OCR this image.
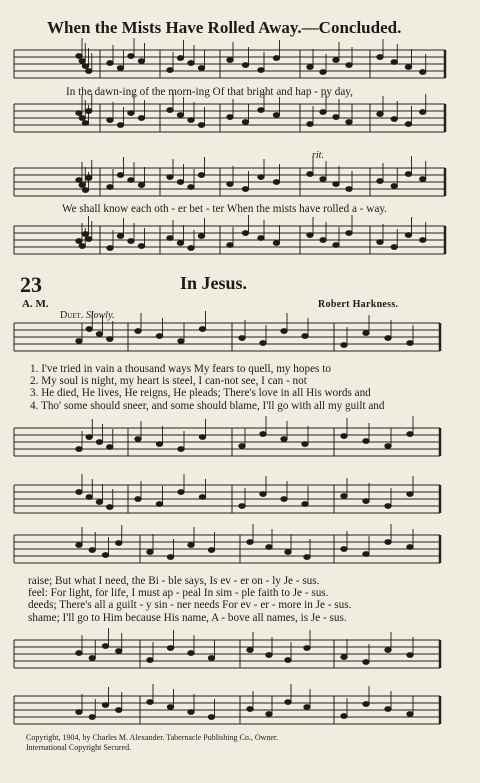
When the Mists Have Rolled Away.—Concluded.
In the dawn-ing of the morn-ing Of that bright and hap - py day,
rit.
We shall know each oth - er bet - ter When the mists have rolled a - way.
23	In Jesus.
A. M.	Robert Harkness.
Duet. Slowly.
1. I've tried in vain a thousand ways My fears to quell, my hopes to
2. My soul is night, my heart is steel, I can-not see, I can - not
3. He died, He lives, He reigns, He pleads; There's love in all His words and
4. Tho' some should sneer, and some should blame, I'll go with all my guilt and
raise; But what I need, the Bi - ble says, Is ev - er on - ly Je - sus.
feel: For light, for life, I must ap - peal In sim - ple faith to Je - sus.
deeds; There's all a guilt - y sin - ner needs For ev - er - more in Je - sus.
shame; I'll go to Him because His name, A - bove all names, is Je - sus.
Copyright, 1904, by Charles M. Alexander. Tabernacle Publishing Co., Owner.
International Copyright Secured.
